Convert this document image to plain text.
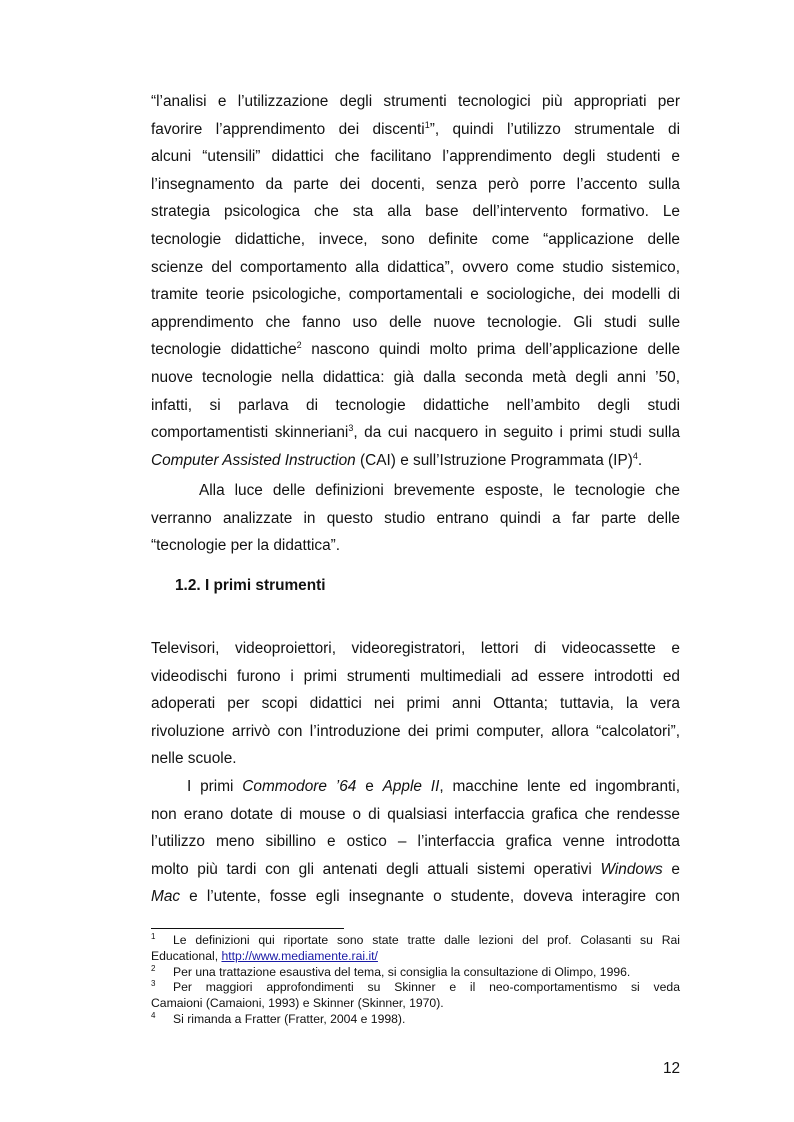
“l’analisi e l’utilizzazione degli strumenti tecnologici più appropriati per
favorire l’apprendimento dei discenti$^1$”, quindi l’utilizzo strumentale di
alcuni “utensili” didattici che facilitano l’apprendimento degli studenti e
l’insegnamento da parte dei docenti, senza però porre l’accento sulla
strategia psicologica che sta alla base dell’intervento formativo. Le
tecnologie didattiche, invece, sono definite come “applicazione delle
scienze del comportamento alla didattica”, ovvero come studio sistemico,
tramite teorie psicologiche, comportamentali e sociologiche, dei modelli di
apprendimento che fanno uso delle nuove tecnologie. Gli studi sulle
tecnologie didattiche$^2$ nascono quindi molto prima dell’applicazione delle
nuove tecnologie nella didattica: già dalla seconda metà degli anni ’50,
infatti, si parlava di tecnologie didattiche nell’ambito degli studi
comportamentisti skinneriani$^3$, da cui nacquero in seguito i primi studi sulla
Computer Assisted Instruction (CAI) e sull’Istruzione Programmata (IP)$^4$.
Alla luce delle definizioni brevemente esposte, le tecnologie che
verranno analizzate in questo studio entrano quindi a far parte delle
“tecnologie per la didattica”.
1.2. I primi strumenti
Televisori, videoproiettori, videoregistratori, lettori di videocassette e
videodischi furono i primi strumenti multimediali ad essere introdotti ed
adoperati per scopi didattici nei primi anni Ottanta; tuttavia, la vera
rivoluzione arrivò con l’introduzione dei primi computer, allora “calcolatori”,
nelle scuole.
I primi Commodore ’64 e Apple II, macchine lente ed ingombranti,
non erano dotate di mouse o di qualsiasi interfaccia grafica che rendesse
l’utilizzo meno sibillino e ostico – l’interfaccia grafica venne introdotta
molto più tardi con gli antenati degli attuali sistemi operativi Windows e
Mac e l’utente, fosse egli insegnante o studente, doveva interagire con
1 Le definizioni qui riportate sono state tratte dalle lezioni del prof. Colasanti su Rai
Educational, http://www.mediamente.rai.it/
2 Per una trattazione esaustiva del tema, si consiglia la consultazione di Olimpo, 1996.
3 Per maggiori approfondimenti su Skinner e il neo-comportamentismo si veda
Camaioni (Camaioni, 1993) e Skinner (Skinner, 1970).
4 Si rimanda a Fratter (Fratter, 2004 e 1998).
12
